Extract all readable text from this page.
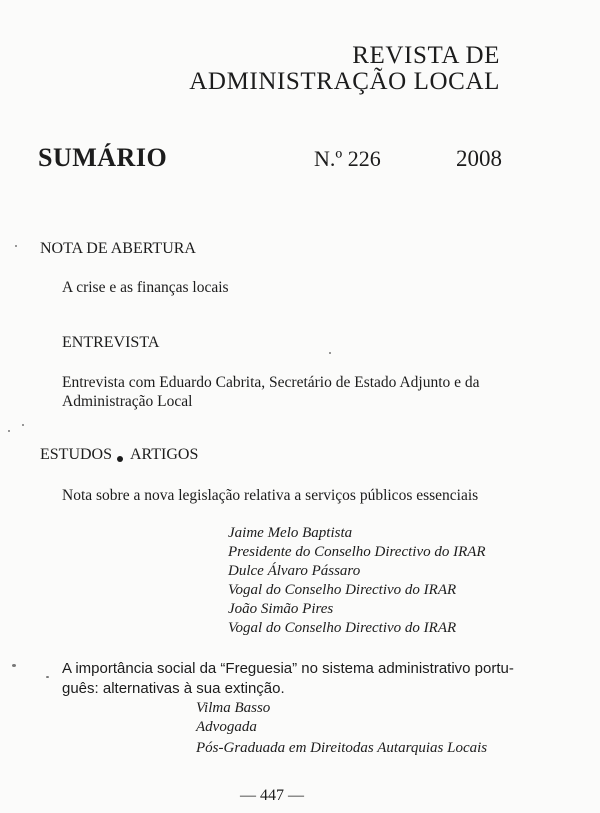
REVISTA DE
ADMINISTRAÇÃO LOCAL
SUMÁRIO	N.º 226	2008
NOTA DE ABERTURA
A crise e as finanças locais
ENTREVISTA
Entrevista com Eduardo Cabrita, Secretário de Estado Adjunto e da
Administração Local
ESTUDOS ARTIGOS
Nota sobre a nova legislação relativa a serviços públicos essenciais
Jaime Melo Baptista
Presidente do Conselho Directivo do IRAR
Dulce Álvaro Pássaro
Vogal do Conselho Directivo do IRAR
João Simão Pires
Vogal do Conselho Directivo do IRAR
A importância social da “Freguesia” no sistema administrativo portu-
guês: alternativas à sua extinção.
Vilma Basso
Advogada
Pós-Graduada em Direitodas Autarquias Locais
— 447 —
